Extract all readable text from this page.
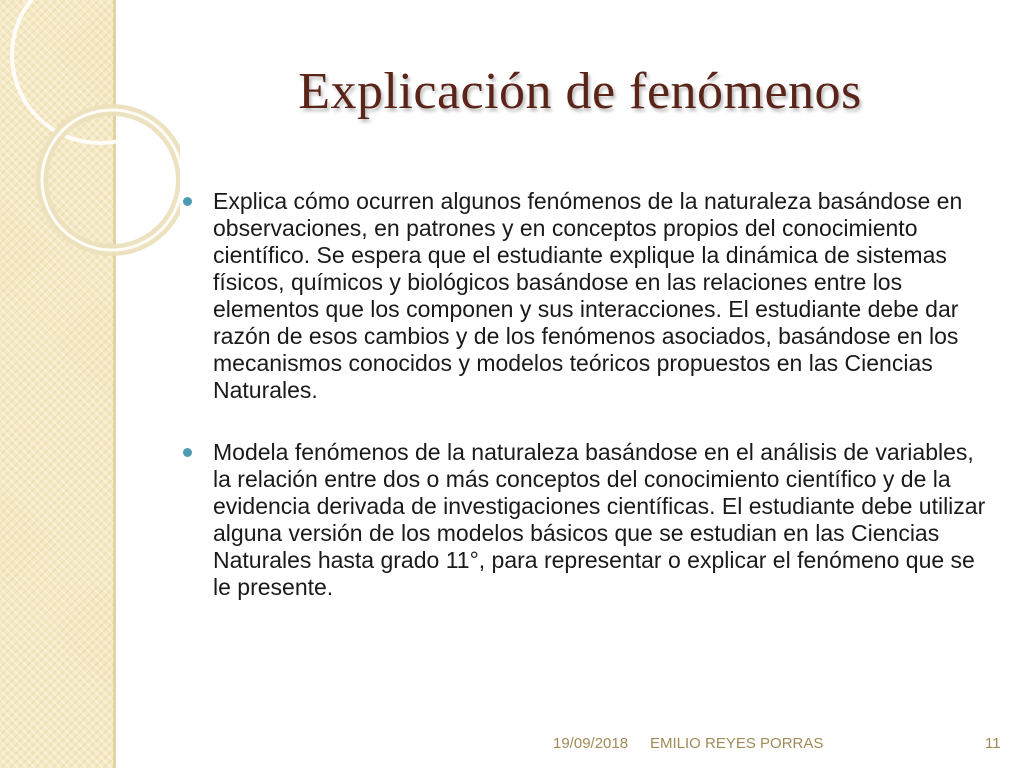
Explicación de fenómenos
Explica cómo ocurren algunos fenómenos de la naturaleza basándose en observaciones, en patrones y en conceptos propios del conocimiento científico. Se espera que el estudiante explique la dinámica de sistemas físicos, químicos y biológicos basándose en las relaciones entre los elementos que los componen y sus interacciones. El estudiante debe dar razón de esos cambios y de los fenómenos asociados, basándose en los mecanismos conocidos y modelos teóricos propuestos en las Ciencias Naturales.
Modela fenómenos de la naturaleza basándose en el análisis de variables, la relación entre dos o más conceptos del conocimiento científico y de la evidencia derivada de investigaciones científicas. El estudiante debe utilizar alguna versión de los modelos básicos que se estudian en las Ciencias Naturales hasta grado 11°, para representar o explicar el fenómeno que se le presente.
19/09/2018 EMILIO REYES PORRAS	11
